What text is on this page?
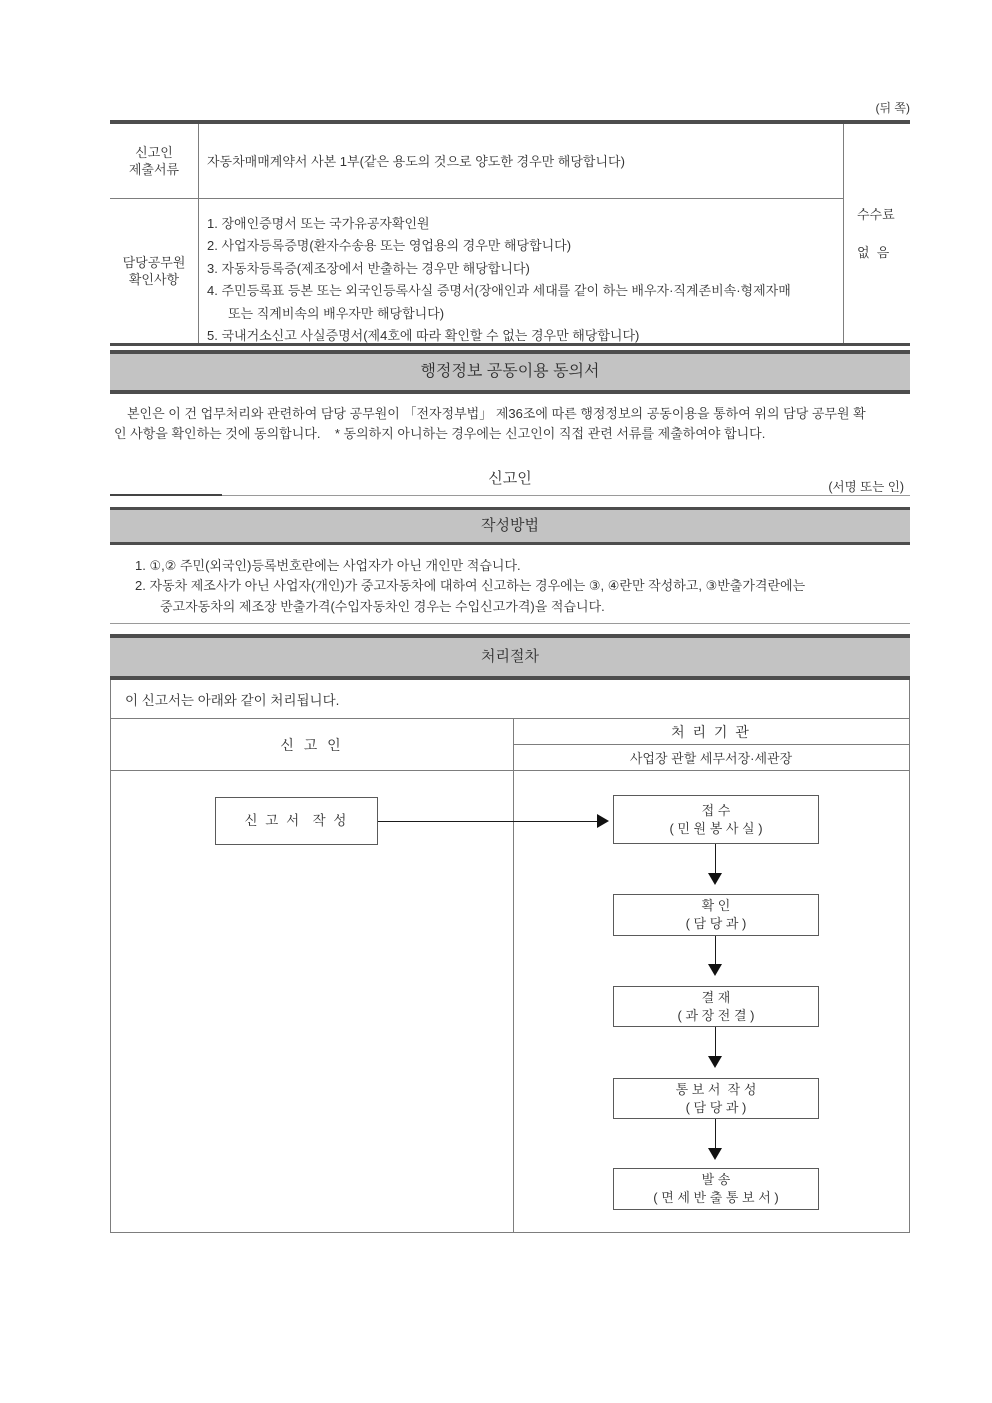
(뒤 쪽)
신고인
제출서류
자동차매매계약서 사본 1부(같은 용도의 것으로 양도한 경우만 해당합니다)
담당공무원
확인사항
1. 장애인증명서 또는 국가유공자확인원
2. 사업자등록증명(환자수송용 또는 영업용의 경우만 해당합니다)
3. 자동차등록증(제조장에서 반출하는 경우만 해당합니다)
4. 주민등록표 등본 또는 외국인등록사실 증명서(장애인과 세대를 같이 하는 배우자·직계존비속·형제자매
또는 직계비속의 배우자만 해당합니다)
5. 국내거소신고 사실증명서(제4호에 따라 확인할 수 없는 경우만 해당합니다)
수수료
없  음
행정정보 공동이용 동의서
본인은 이 건 업무처리와 관련하여 담당 공무원이 「전자정부법」 제36조에 따른 행정정보의 공동이용을 통하여 위의 담당 공무원 확
인 사항을 확인하는 것에 동의합니다.    * 동의하지 아니하는 경우에는 신고인이 직접 관련 서류를 제출하여야 합니다.
신고인	(서명 또는 인)
작성방법
1. ①,② 주민(외국인)등록번호란에는 사업자가 아닌 개인만 적습니다.
2. 자동차 제조사가 아닌 사업자(개인)가 중고자동차에 대하여 신고하는 경우에는 ③, ④란만 작성하고, ③반출가격란에는
중고자동차의 제조장 반출가격(수입자동차인 경우는 수입신고가격)을 적습니다.
처리절차
이 신고서는 아래와 같이 처리됩니다.
신 고 인
처 리 기 관
사업장 관할 세무서장·세관장
신 고 서  작 성
접 수
( 민 원 봉 사 실 )
확 인
( 담 당 과 )
결 재
( 과 장 전 결 )
통 보 서  작 성
( 담 당 과 )
발 송
( 면 세 반 출 통 보 서 )
